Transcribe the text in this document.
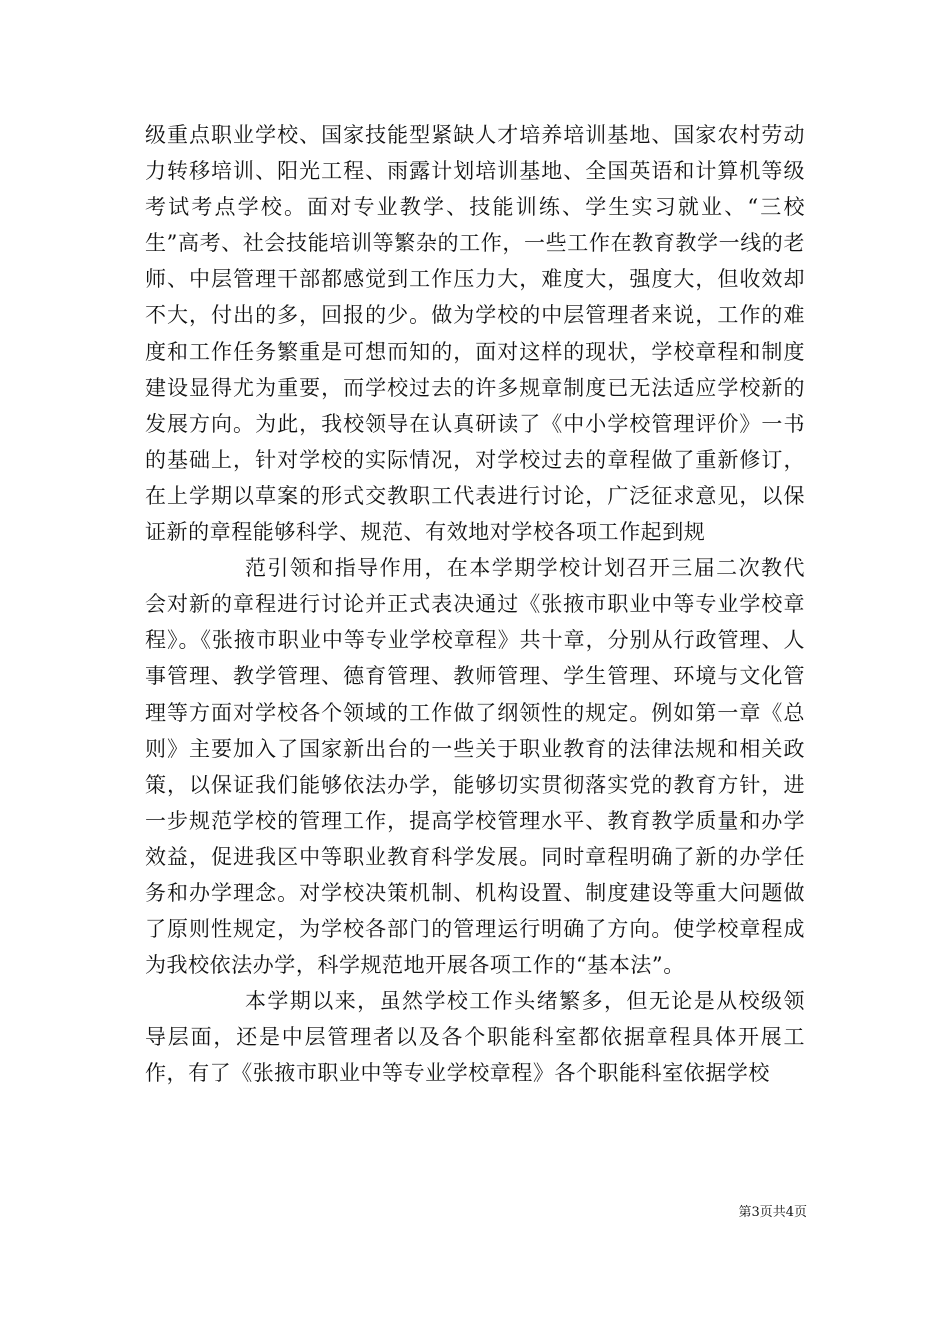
级重点职业学校、国家技能型紧缺人才培养培训基地、国家农村劳动力转移培训、阳光工程、雨露计划培训基地、全国英语和计算机等级考试考点学校。面对专业教学、技能训练、学生实习就业、“三校生”高考、社会技能培训等繁杂的工作，一些工作在教育教学一线的老师、中层管理干部都感觉到工作压力大，难度大，强度大，但收效却不大，付出的多，回报的少。做为学校的中层管理者来说，工作的难度和工作任务繁重是可想而知的，面对这样的现状，学校章程和制度建设显得尤为重要，而学校过去的许多规章制度已无法适应学校新的发展方向。为此，我校领导在认真研读了《中小学校管理评价》一书的基础上，针对学校的实际情况，对学校过去的章程做了重新修订，在上学期以草案的形式交教职工代表进行讨论，广泛征求意见，以保证新的章程能够科学、规范、有效地对学校各项工作起到规

范引领和指导作用，在本学期学校计划召开三届二次教代会对新的章程进行讨论并正式表决通过《张掖市职业中等专业学校章程》。《张掖市职业中等专业学校章程》共十章，分别从行政管理、人事管理、教学管理、德育管理、教师管理、学生管理、环境与文化管理等方面对学校各个领域的工作做了纲领性的规定。例如第一章《总则》主要加入了国家新出台的一些关于职业教育的法律法规和相关政策，以保证我们能够依法办学，能够切实贯彻落实党的教育方针，进一步规范学校的管理工作，提高学校管理水平、教育教学质量和办学效益，促进我区中等职业教育科学发展。同时章程明确了新的办学任务和办学理念。对学校决策机制、机构设置、制度建设等重大问题做了原则性规定，为学校各部门的管理运行明确了方向。使学校章程成为我校依法办学，科学规范地开展各项工作的“基本法”。

本学期以来，虽然学校工作头绪繁多，但无论是从校级领导层面，还是中层管理者以及各个职能科室都依据章程具体开展工作，有了《张掖市职业中等专业学校章程》各个职能科室依据学校

第3页共4页
